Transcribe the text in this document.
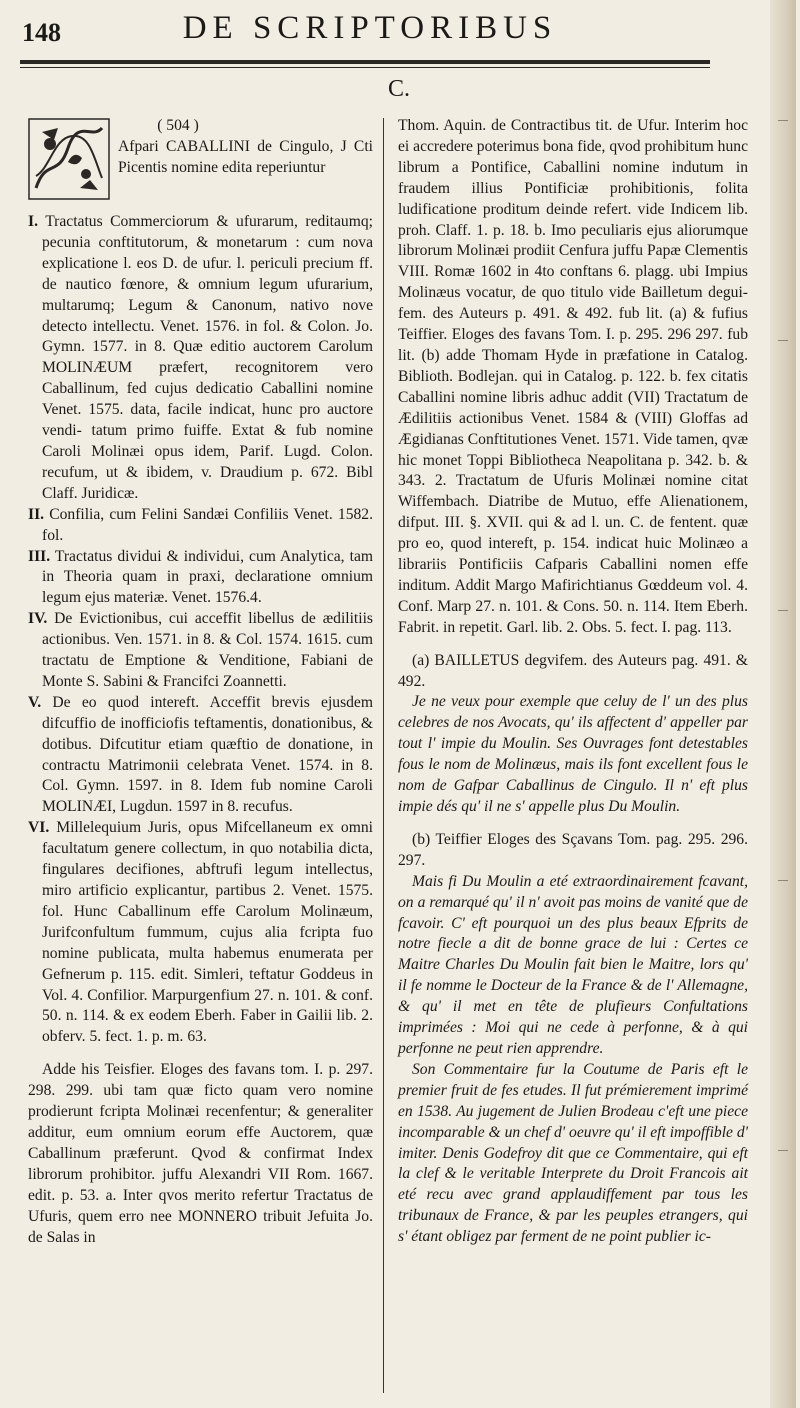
148	DE SCRIPTORIBUS
C.
( 504 )
Afpari CABALLINI de Cingulo, J Cti Picentis nomine edita reperiuntur

I. Tractatus Commerciorum & ufurarum, reditaumq; pecunia conftitutorum, & monetarum : cum nova explicatione l. eos D. de ufur. l. periculi precium ff. de nautico fœnore, & omnium legum ufurarium, multarumq; Legum & Canonum, nativo nove detecto intellectu. Venet. 1576. in fol. & Colon. Jo. Gymn. 1577. in 8. Quæ editio auctorem Carolum MOLINÆUM præfert, recognitorem vero Caballinum, fed cujus dedicatio Caballini nomine Venet. 1575. data, facile indicat, hunc pro auctore vendi- tatum primo fuiffe. Extat & fub nomine Caroli Molinæi opus idem, Parif. Lugd. Colon. recufum, ut & ibidem, v. Draudium p. 672. Bibl Claff. Juridicæ.

II. Confilia, cum Felini Sandæi Confiliis Venet. 1582. fol.

III. Tractatus dividui & individui, cum Analytica, tam in Theoria quam in praxi, declaratione omnium legum ejus materiæ. Venet. 1576.4.

IV. De Evictionibus, cui acceffit libellus de ædilitiis actionibus. Ven. 1571. in 8. & Col. 1574. 1615. cum tractatu de Emptione & Venditione, Fabiani de Monte S. Sabini & Francifci Zoannetti.

V. De eo quod intereft. Acceffit brevis ejusdem difcuffio de inofficiofis teftamentis, donationibus, & dotibus. Difcutitur etiam quæftio de donatione, in contractu Matrimonii celebrata Venet. 1574. in 8. Col. Gymn. 1597. in 8. Idem fub nomine Caroli MOLINÆI, Lugdun. 1597 in 8. recufus.

VI. Millelequium Juris, opus Mifcellaneum ex omni facultatum genere collectum, in quo notabilia dicta, fingulares decifiones, abftrufi legum intellectus, miro artificio explicantur, partibus 2. Venet. 1575. fol. Hunc Caballinum effe Carolum Molinæum, Jurifconfultum fummum, cujus alia fcripta fuo nomine publicata, multa habemus enumerata per Gefnerum p. 115. edit. Simleri, teftatur Goddeus in Vol. 4. Confilior. Marpurgenfium 27. n. 101. & conf. 50. n. 114. & ex eodem Eberh. Faber in Gailii lib. 2. obferv. 5. fect. 1. p. m. 63.

Adde his Teisfier. Eloges des favans tom. I. p. 297. 298. 299. ubi tam quæ ficto quam vero nomine prodierunt fcripta Molinæi recenfentur; & generaliter additur, eum omnium eorum effe Auctorem, quæ Caballinum præferunt. Qvod & confirmat Index librorum prohibitor. juffu Alexandri VII Rom. 1667. edit. p. 53. a. Inter qvos merito refertur Tractatus de Ufuris, quem erro nee MONNERO tribuit Jefuita Jo. de Salas in

Thom. Aquin. de Contractibus tit. de Ufur. Interim hoc ei accredere poterimus bona fide, qvod prohibitum hunc librum a Pontifice, Caballini nomine indutum in fraudem illius Pontificiæ prohibitionis, folita ludificatione proditum deinde refert. vide Indicem lib. proh. Claff. 1. p. 18. b. Imo peculiaris ejus aliorumque librorum Molinæi prodiit Cenfura juffu Papæ Clementis VIII. Romæ 1602 in 4to conftans 6. plagg. ubi Impius Molinæus vocatur, de quo titulo vide Bailletum degui- fem. des Auteurs p. 491. & 492. fub lit. (a) & fufius Teiffier. Eloges des favans Tom. I. p. 295. 296 297. fub lit. (b) adde Thomam Hyde in præfatione in Catalog. Biblioth. Bodlejan. qui in Catalog. p. 122. b. fex citatis Caballini nomine libris adhuc addit (VII) Tractatum de Ædilitiis actionibus Venet. 1584 & (VIII) Gloffas ad Ægidianas Conftitutiones Venet. 1571. Vide tamen, qvæ hic monet Toppi Bibliotheca Neapolitana p. 342. b. & 343. 2. Tractatum de Ufuris Molinæi nomine citat Wiffembach. Diatribe de Mutuo, effe Alienationem, difput. III. §. XVII. qui & ad l. un. C. de fentent. quæ pro eo, quod intereft, p. 154. indicat huic Molinæo a librariis Pontificiis Cafparis Caballini nomen effe inditum. Addit Margo Mafirichtianus Gœddeum vol. 4. Conf. Marp 27. n. 101. & Cons. 50. n. 114. Item Eberh. Fabrit. in repetit. Garl. lib. 2. Obs. 5. fect. I. pag. 113.

(a) BAILLETUS degvifem. des Auteurs pag. 491. & 492.

Je ne veux pour exemple que celuy de l' un des plus celebres de nos Avocats, qu' ils affectent d' appeller par tout l' impie du Moulin. Ses Ouvrages font detestables fous le nom de Molinæus, mais ils font excellent fous le nom de Gafpar Caballinus de Cingulo. Il n' eft plus impie dés qu' il ne s' appelle plus Du Moulin.

(b) Teiffier Eloges des Sçavans Tom. pag. 295. 296. 297.

Mais fi Du Moulin a eté extraordinairement fcavant, on a remarqué qu' il n' avoit pas moins de vanité que de fcavoir. C' eft pourquoi un des plus beaux Efprits de notre fiecle a dit de bonne grace de lui : Certes ce Maitre Charles Du Moulin fait bien le Maitre, lors qu' il fe nomme le Docteur de la France & de l' Allemagne, & qu' il met en tête de plufieurs Confultations imprimées : Moi qui ne cede à perfonne, & à qui perfonne ne peut rien apprendre.

Son Commentaire fur la Coutume de Paris eft le premier fruit de fes etudes. Il fut prémierement imprimé en 1538. Au jugement de Julien Brodeau c'eft une piece incomparable & un chef d' oeuvre qu' il eft impoffible d' imiter. Denis Godefroy dit que ce Commentaire, qui eft la clef & le veritable Interprete du Droit Francois ait eté recu avec grand applaudiffement par tous les tribunaux de France, & par les peuples etrangers, qui s' étant obligez par ferment de ne point publier ic-
